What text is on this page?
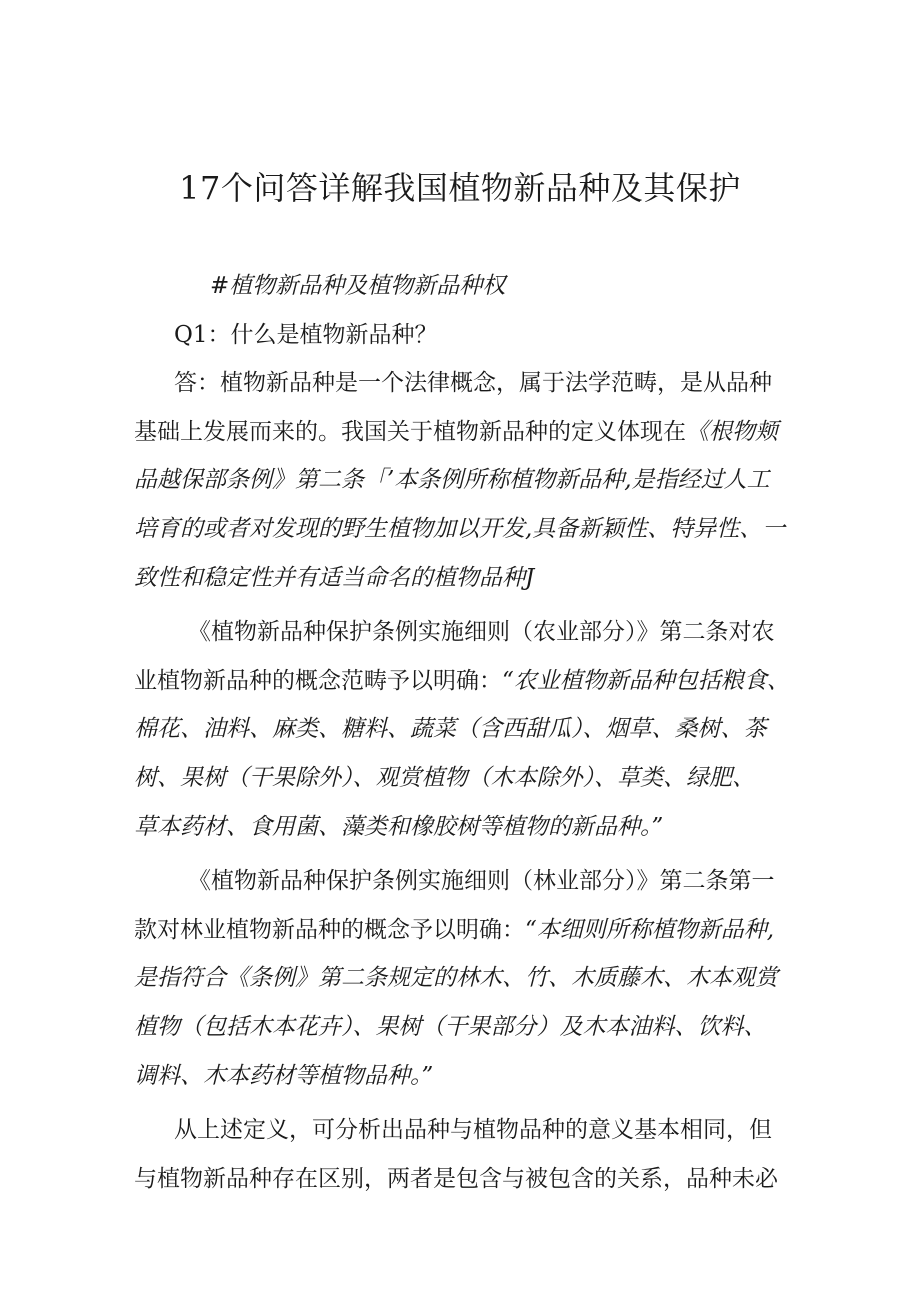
17个问答详解我国植物新品种及其保护
#植物新品种及植物新品种权
Q1：什么是植物新品种？
答：植物新品种是一个法律概念，属于法学范畴，是从品种
基础上发展而来的。我国关于植物新品种的定义体现在《根物颊
品越保部条例》第二条「’本条例所称植物新品种,是指经过人工
培育的或者对发现的野生植物加以开发,具备新颖性、特异性、一
致性和稳定性并有适当命名的植物品种J
《植物新品种保护条例实施细则（农业部分）》第二条对农
业植物新品种的概念范畴予以明确：“农业植物新品种包括粮食、
棉花、油料、麻类、糖料、蔬菜（含西甜瓜）、烟草、桑树、茶
树、果树（干果除外）、观赏植物（木本除外）、草类、绿肥、
草本药材、食用菌、藻类和橡胶树等植物的新品种。”
《植物新品种保护条例实施细则（林业部分）》第二条第一
款对林业植物新品种的概念予以明确：“本细则所称植物新品种,
是指符合《条例》第二条规定的林木、竹、木质藤木、木本观赏
植物（包括木本花卉）、果树（干果部分）及木本油料、饮料、
调料、木本药材等植物品种。”
从上述定义，可分析出品种与植物品种的意义基本相同，但
与植物新品种存在区别，两者是包含与被包含的关系，品种未必
